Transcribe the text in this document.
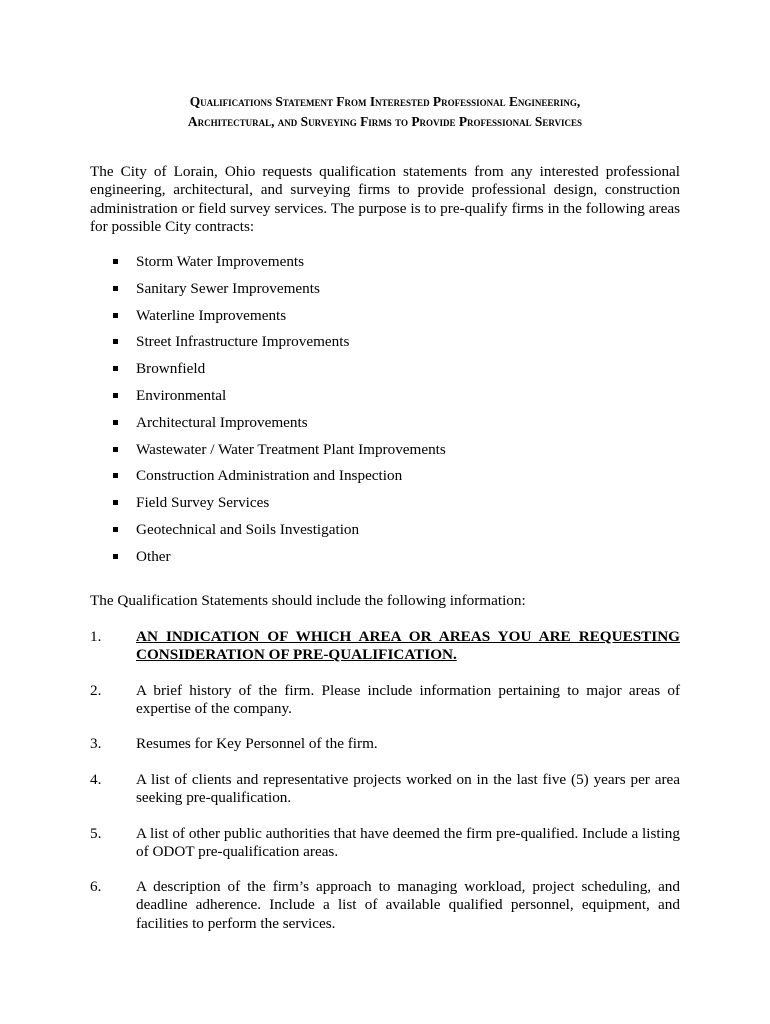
Qualifications Statement From Interested Professional Engineering,
Architectural, and Surveying Firms to Provide Professional Services

The City of Lorain, Ohio requests qualification statements from any interested professional engineering, architectural, and surveying firms to provide professional design, construction administration or field survey services. The purpose is to pre-qualify firms in the following areas for possible City contracts:

Storm Water Improvements
Sanitary Sewer Improvements
Waterline Improvements
Street Infrastructure Improvements
Brownfield
Environmental
Architectural Improvements
Wastewater / Water Treatment Plant Improvements
Construction Administration and Inspection
Field Survey Services
Geotechnical and Soils Investigation
Other

The Qualification Statements should include the following information:

1.	AN INDICATION OF WHICH AREA OR AREAS YOU ARE REQUESTING CONSIDERATION OF PRE-QUALIFICATION.
2.	A brief history of the firm. Please include information pertaining to major areas of expertise of the company.
3.	Resumes for Key Personnel of the firm.
4.	A list of clients and representative projects worked on in the last five (5) years per area seeking pre-qualification.
5.	A list of other public authorities that have deemed the firm pre-qualified. Include a listing of ODOT pre-qualification areas.
6.	A description of the firm’s approach to managing workload, project scheduling, and deadline adherence. Include a list of available qualified personnel, equipment, and facilities to perform the services.
